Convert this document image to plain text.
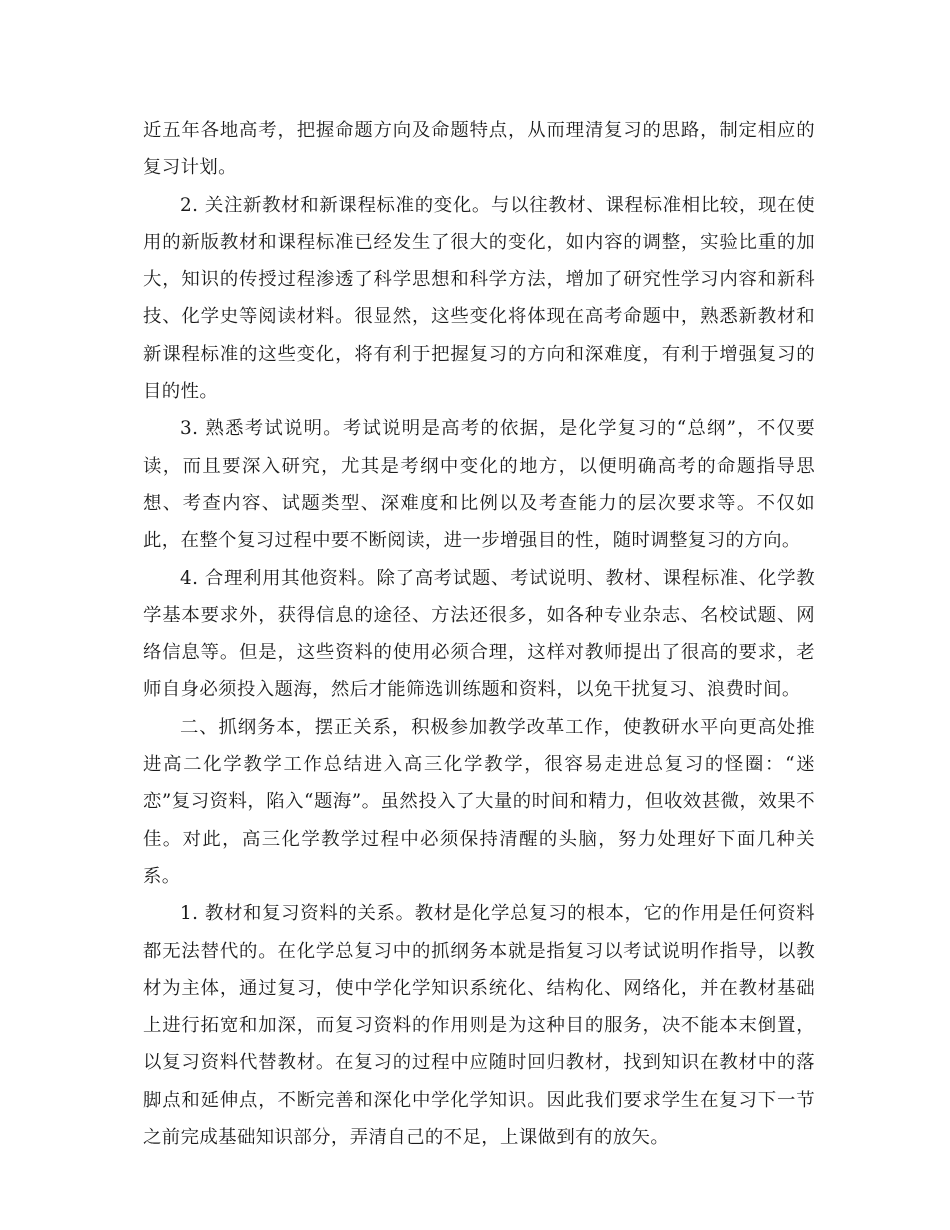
近五年各地高考，把握命题方向及命题特点，从而理清复习的思路，制定相应的复习计划。

2. 关注新教材和新课程标准的变化。与以往教材、课程标准相比较，现在使用的新版教材和课程标准已经发生了很大的变化，如内容的调整，实验比重的加大，知识的传授过程渗透了科学思想和科学方法，增加了研究性学习内容和新科技、化学史等阅读材料。很显然，这些变化将体现在高考命题中，熟悉新教材和新课程标准的这些变化，将有利于把握复习的方向和深难度，有利于增强复习的目的性。

3. 熟悉考试说明。考试说明是高考的依据，是化学复习的“总纲”，不仅要读，而且要深入研究，尤其是考纲中变化的地方，以便明确高考的命题指导思想、考查内容、试题类型、深难度和比例以及考查能力的层次要求等。不仅如此，在整个复习过程中要不断阅读，进一步增强目的性，随时调整复习的方向。

4. 合理利用其他资料。除了高考试题、考试说明、教材、课程标准、化学教学基本要求外，获得信息的途径、方法还很多，如各种专业杂志、名校试题、网络信息等。但是，这些资料的使用必须合理，这样对教师提出了很高的要求，老师自身必须投入题海，然后才能筛选训练题和资料，以免干扰复习、浪费时间。

二、抓纲务本，摆正关系，积极参加教学改革工作，使教研水平向更高处推进高二化学教学工作总结进入高三化学教学，很容易走进总复习的怪圈：“迷恋”复习资料，陷入“题海”。虽然投入了大量的时间和精力，但收效甚微，效果不佳。对此，高三化学教学过程中必须保持清醒的头脑，努力处理好下面几种关系。

1. 教材和复习资料的关系。教材是化学总复习的根本，它的作用是任何资料都无法替代的。在化学总复习中的抓纲务本就是指复习以考试说明作指导，以教材为主体，通过复习，使中学化学知识系统化、结构化、网络化，并在教材基础上进行拓宽和加深，而复习资料的作用则是为这种目的服务，决不能本末倒置，以复习资料代替教材。在复习的过程中应随时回归教材，找到知识在教材中的落脚点和延伸点，不断完善和深化中学化学知识。因此我们要求学生在复习下一节之前完成基础知识部分，弄清自己的不足，上课做到有的放矢。
